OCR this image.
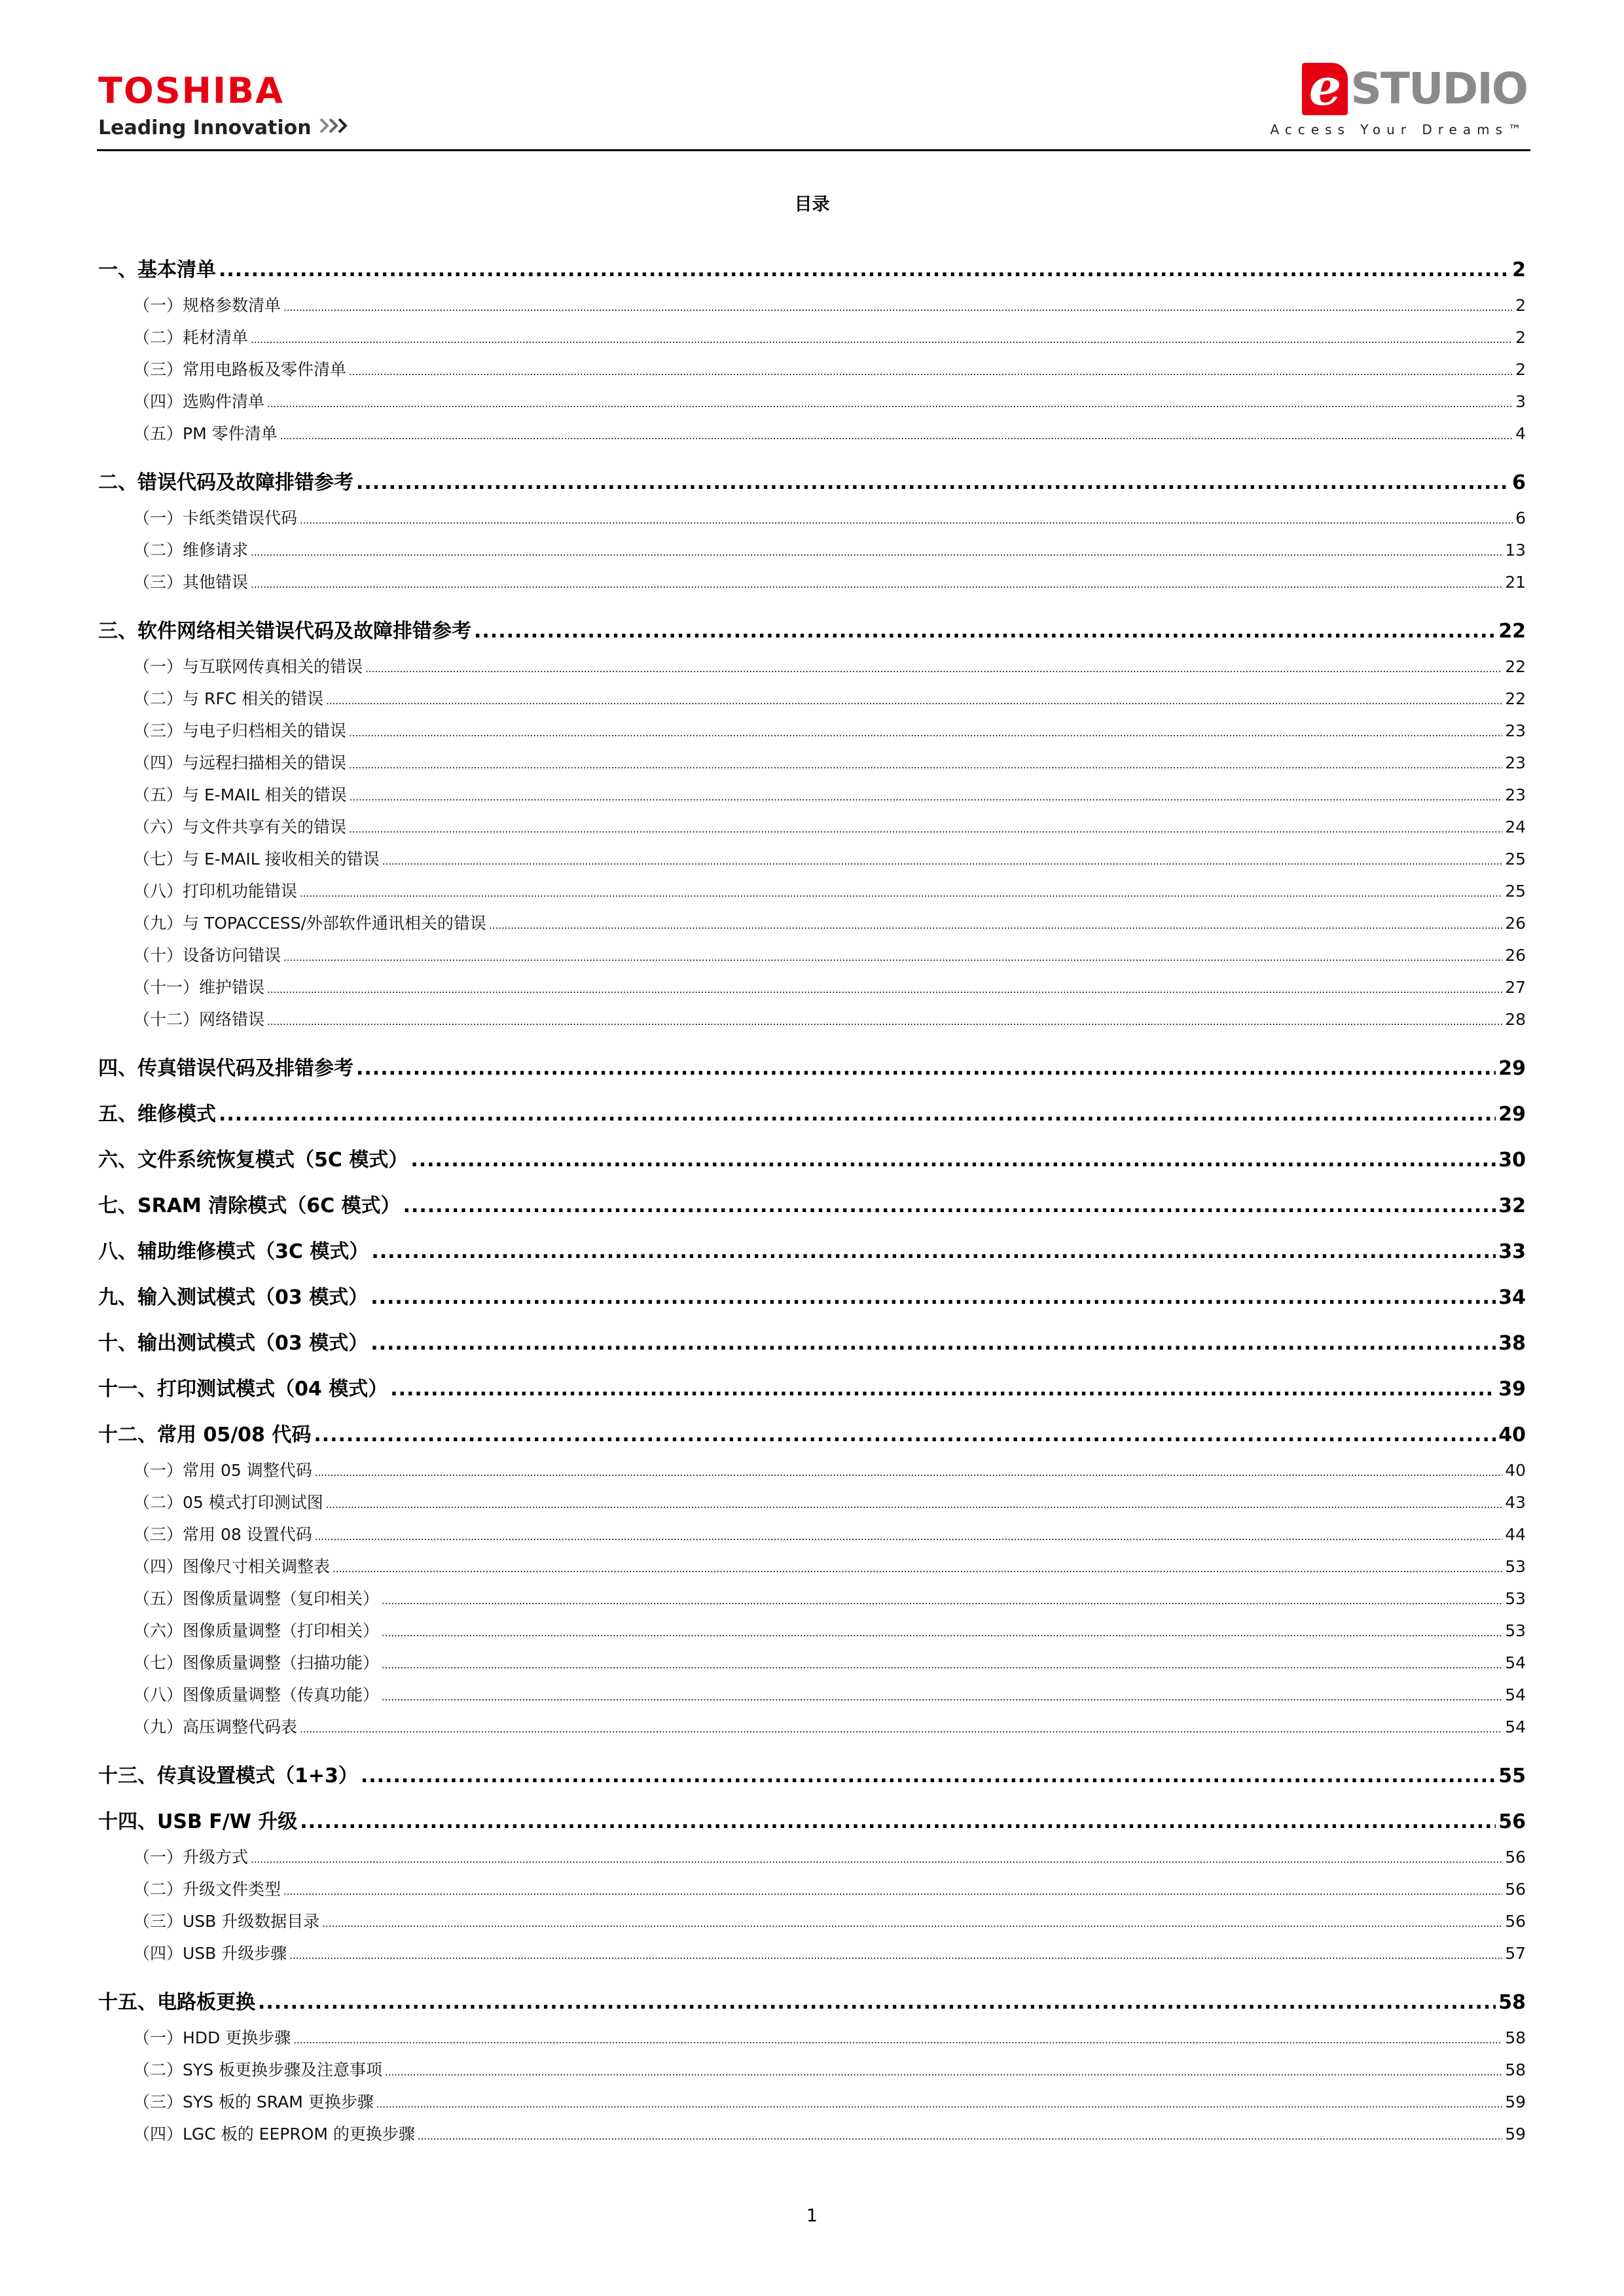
TOSHIBA
Leading Innovation
e STUDIO
Access Your Dreams™
目录
一、基本清单 .....	2
（一）规格参数清单 .....	2
（二）耗材清单 .....	2
（三）常用电路板及零件清单 .....	2
（四）选购件清单 .....	3
（五）PM 零件清单 .....	4
二、错误代码及故障排错参考 .....	6
（一）卡纸类错误代码 .....	6
（二）维修请求 .....	13
（三）其他错误 .....	21
三、软件网络相关错误代码及故障排错参考 .....	22
（一）与互联网传真相关的错误 .....	22
（二）与 RFC 相关的错误 .....	22
（三）与电子归档相关的错误 .....	23
（四）与远程扫描相关的错误 .....	23
（五）与 E-MAIL 相关的错误 .....	23
（六）与文件共享有关的错误 .....	24
（七）与 E-MAIL 接收相关的错误 .....	25
（八）打印机功能错误 .....	25
（九）与 TOPACCESS/外部软件通讯相关的错误 .....	26
（十）设备访问错误 .....	26
（十一）维护错误 .....	27
（十二）网络错误 .....	28
四、传真错误代码及排错参考 .....	29
五、维修模式 .....	29
六、文件系统恢复模式（5C 模式） .....	30
七、SRAM 清除模式（6C 模式） .....	32
八、辅助维修模式（3C 模式） .....	33
九、输入测试模式（03 模式） .....	34
十、输出测试模式（03 模式） .....	38
十一、打印测试模式（04 模式） .....	39
十二、常用 05/08 代码 .....	40
（一）常用 05 调整代码 .....	40
（二）05 模式打印测试图 .....	43
（三）常用 08 设置代码 .....	44
（四）图像尺寸相关调整表 .....	53
（五）图像质量调整（复印相关） .....	53
（六）图像质量调整（打印相关） .....	53
（七）图像质量调整（扫描功能） .....	54
（八）图像质量调整（传真功能） .....	54
（九）高压调整代码表 .....	54
十三、传真设置模式（1+3） .....	55
十四、USB F/W 升级 .....	56
（一）升级方式 .....	56
（二）升级文件类型 .....	56
（三）USB 升级数据目录 .....	56
（四）USB 升级步骤 .....	57
十五、电路板更换 .....	58
（一）HDD 更换步骤 .....	58
（二）SYS 板更换步骤及注意事项 .....	58
（三）SYS 板的 SRAM 更换步骤 .....	59
（四）LGC 板的 EEPROM 的更换步骤 .....	59
1
